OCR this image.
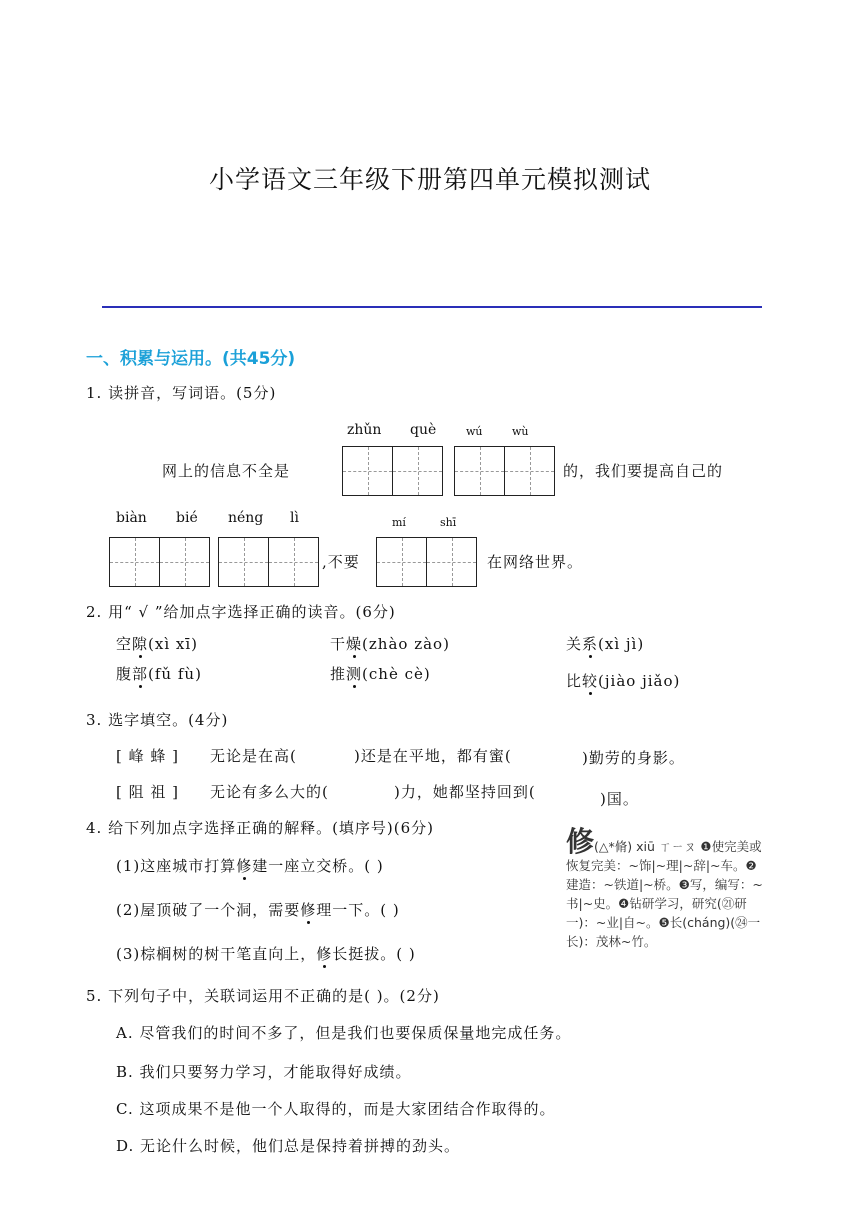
小学语文三年级下册第四单元模拟测试
一、积累与运用。(共45分)
1. 读拼音，写词语。(5分)
zhǔn què	wú	wù
网上的信息不全是	的，我们要提高自己的
biàn bié néng lì	mí	shī
,不要	在网络世界。
2. 用“ √ ”给加点字选择正确的读音。(6分)
空隙(xì xī)	干燥(zhào zào)	关系(xì jì)
腹部(fǔ fù)	推测(chè cè)	比较(jiào jiǎo)
3. 选字填空。(4分)
[ 峰 蜂 ] 无论是在高(	)还是在平地，都有蜜(	)勤劳的身影。
[ 阻 祖 ] 无论有多么大的(	)力，她都坚持回到(	)国。
4. 给下列加点字选择正确的解释。(填序号)(6分)
(1)这座城市打算修建一座立交桥。( )
(2)屋顶破了一个洞，需要修理一下。( )
(3)棕榈树的树干笔直向上，修长挺拔。( )
修(△*脩) xiū ㄒㄧㄡ ❶使完美或恢复完美：~饰|~理|~辞|~车。❷建造：~铁道|~桥。❸写，编写：~书|~史。❹钻研学习，研究(㉑研一)：~业|自~。❺长(cháng)(㉔一长)：茂林~竹。
5. 下列句子中，关联词运用不正确的是( )。(2分)
A. 尽管我们的时间不多了，但是我们也要保质保量地完成任务。
B. 我们只要努力学习，才能取得好成绩。
C. 这项成果不是他一个人取得的，而是大家团结合作取得的。
D. 无论什么时候，他们总是保持着拼搏的劲头。
